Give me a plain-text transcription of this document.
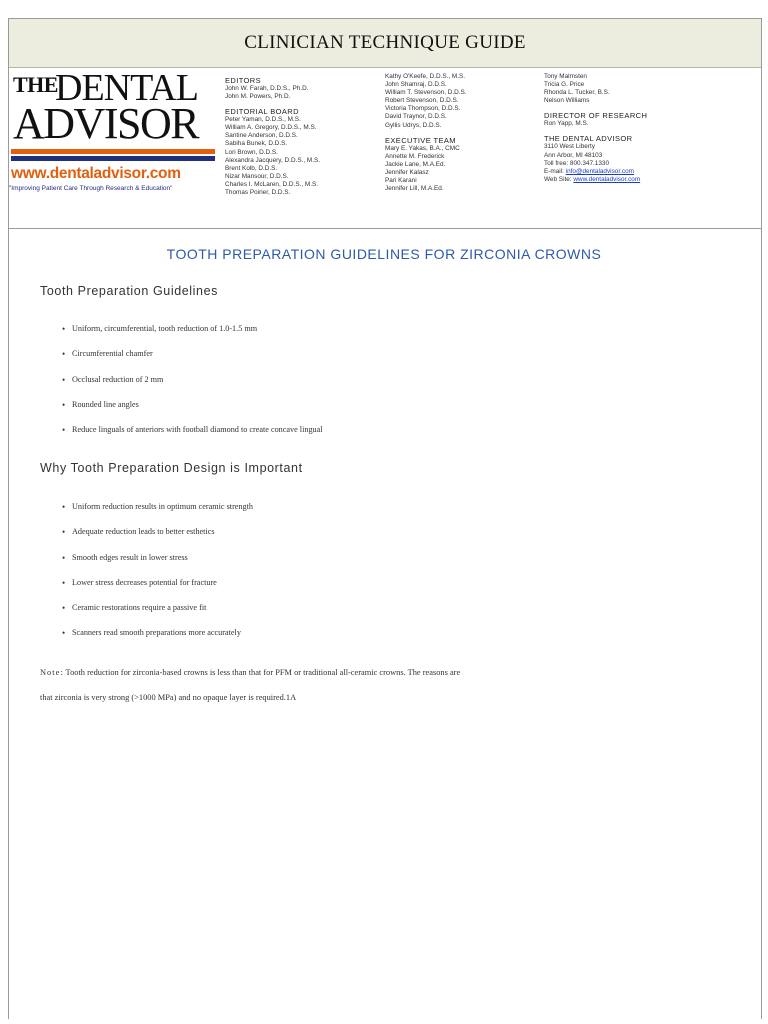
CLINICIAN TECHNIQUE GUIDE
THE
DENTAL
ADVISOR
www.dentaladvisor.com
"Improving Patient Care Through Research & Education"
EDITORS
John W. Farah, D.D.S., Ph.D.
John M. Powers, Ph.D.
EDITORIAL BOARD
Peter Yaman, D.D.S., M.S.
William A. Gregory, D.D.S., M.S.
Santine Anderson, D.D.S.
Sabiha Bunek, D.D.S.
Lori Brown, D.D.S.
Alexandra Jacquery, D.D.S., M.S.
Brent Kolb, D.D.S.
Nizar Mansour, D.D.S.
Charles I. McLaren, D.D.S., M.S.
Thomas Poirier, D.D.S.
Kathy O'Keefe, D.D.S., M.S.
John Shamraj, D.D.S.
William T. Stevenson, D.D.S.
Robert Stevenson, D.D.S.
Victoria Thompson, D.D.S.
David Traynor, D.D.S.
Gyllis Udrys, D.D.S.
EXECUTIVE TEAM
Mary E. Yakas, B.A., CMC
Annette M. Frederick
Jackie Lane, M.A.Ed.
Jennifer Kalasz
Pari Karani
Jennifer Lill, M.A.Ed.
Tony Malmsten
Tricia G. Price
Rhonda L. Tucker, B.S.
Nelson Williams
DIRECTOR OF RESEARCH
Ron Yapp, M.S.
THE DENTAL ADVISOR
3110 West Liberty
Ann Arbor, MI 48103
Toll free: 800.347.1330
E-mail: info@dentaladvisor.com
Web Site: www.dentaladvisor.com
TOOTH PREPARATION GUIDELINES FOR ZIRCONIA CROWNS
Tooth Preparation Guidelines
• Uniform, circumferential, tooth reduction of 1.0-1.5 mm
• Circumferential chamfer
• Occlusal reduction of 2 mm
• Rounded line angles
• Reduce linguals of anteriors with football diamond to create concave lingual
Why Tooth Preparation Design is Important
• Uniform reduction results in optimum ceramic strength
• Adequate reduction leads to better esthetics
• Smooth edges result in lower stress
• Lower stress decreases potential for fracture
• Ceramic restorations require a passive fit
• Scanners read smooth preparations more accurately
Note: Tooth reduction for zirconia-based crowns is less than that for PFM or traditional all-ceramic crowns. The reasons are
that zirconia is very strong (>1000 MPa) and no opaque layer is required.1A
